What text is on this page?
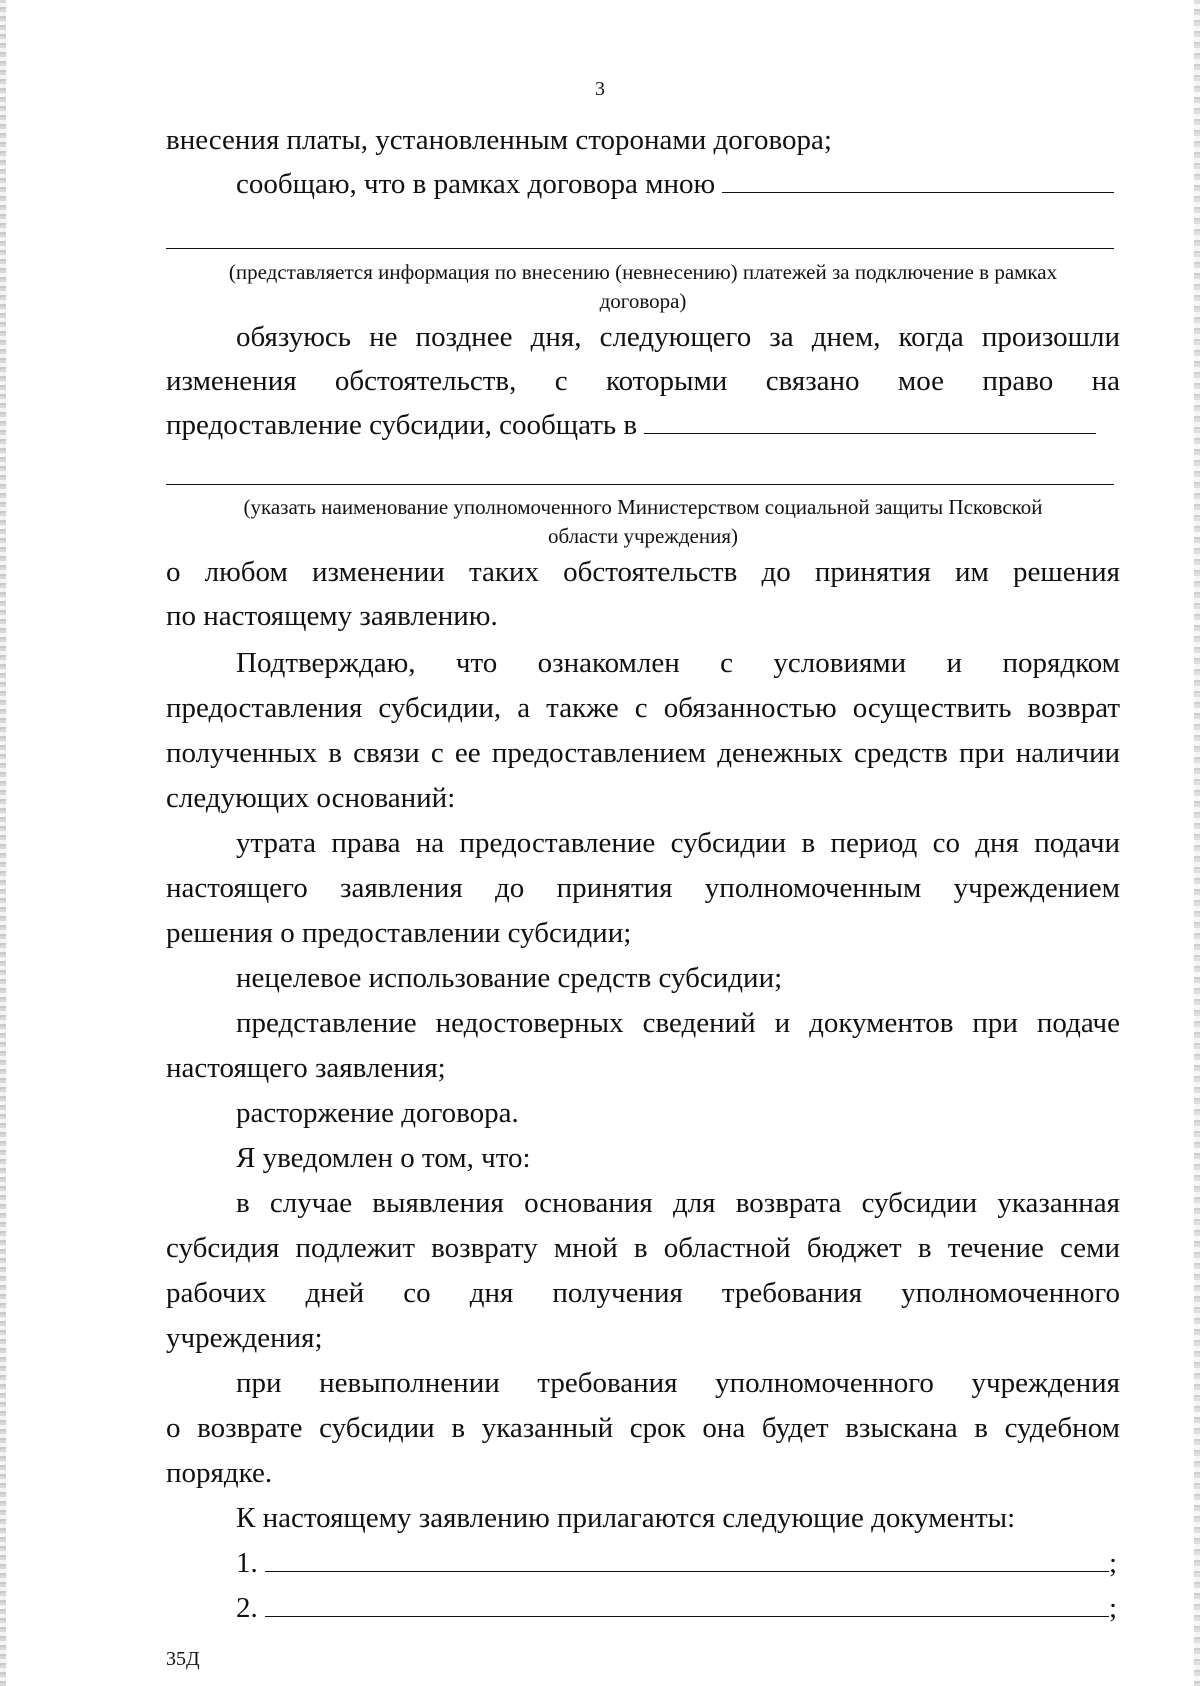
3

внесения платы, установленным сторонами договора;

сообщаю, что в рамках договора мною

(представляется информация по внесению (невнесению) платежей за подключение в рамках
договора)

обязуюсь не позднее дня, следующего за днем, когда произошли

изменения обстоятельств, с которыми связано мое право на

предоставление субсидии, сообщать в

(указать наименование уполномоченного Министерством социальной защиты Псковской
области учреждения)

о любом изменении таких обстоятельств до принятия им решения

по настоящему заявлению.

Подтверждаю, что ознакомлен с условиями и порядком

предоставления субсидии, а также с обязанностью осуществить возврат

полученных в связи с ее предоставлением денежных средств при наличии

следующих оснований:

утрата права на предоставление субсидии в период со дня подачи

настоящего заявления до принятия уполномоченным учреждением

решения о предоставлении субсидии;

нецелевое использование средств субсидии;

представление недостоверных сведений и документов при подаче

настоящего заявления;

расторжение договора.

Я уведомлен о том, что:

в случае выявления основания для возврата субсидии указанная

субсидия подлежит возврату мной в областной бюджет в течение семи

рабочих дней со дня получения требования уполномоченного

учреждения;

при невыполнении требования уполномоченного учреждения

о возврате субсидии в указанный срок она будет взыскана в судебном

порядке.

К настоящему заявлению прилагаются следующие документы:

1.	;

2.	;

35Д
